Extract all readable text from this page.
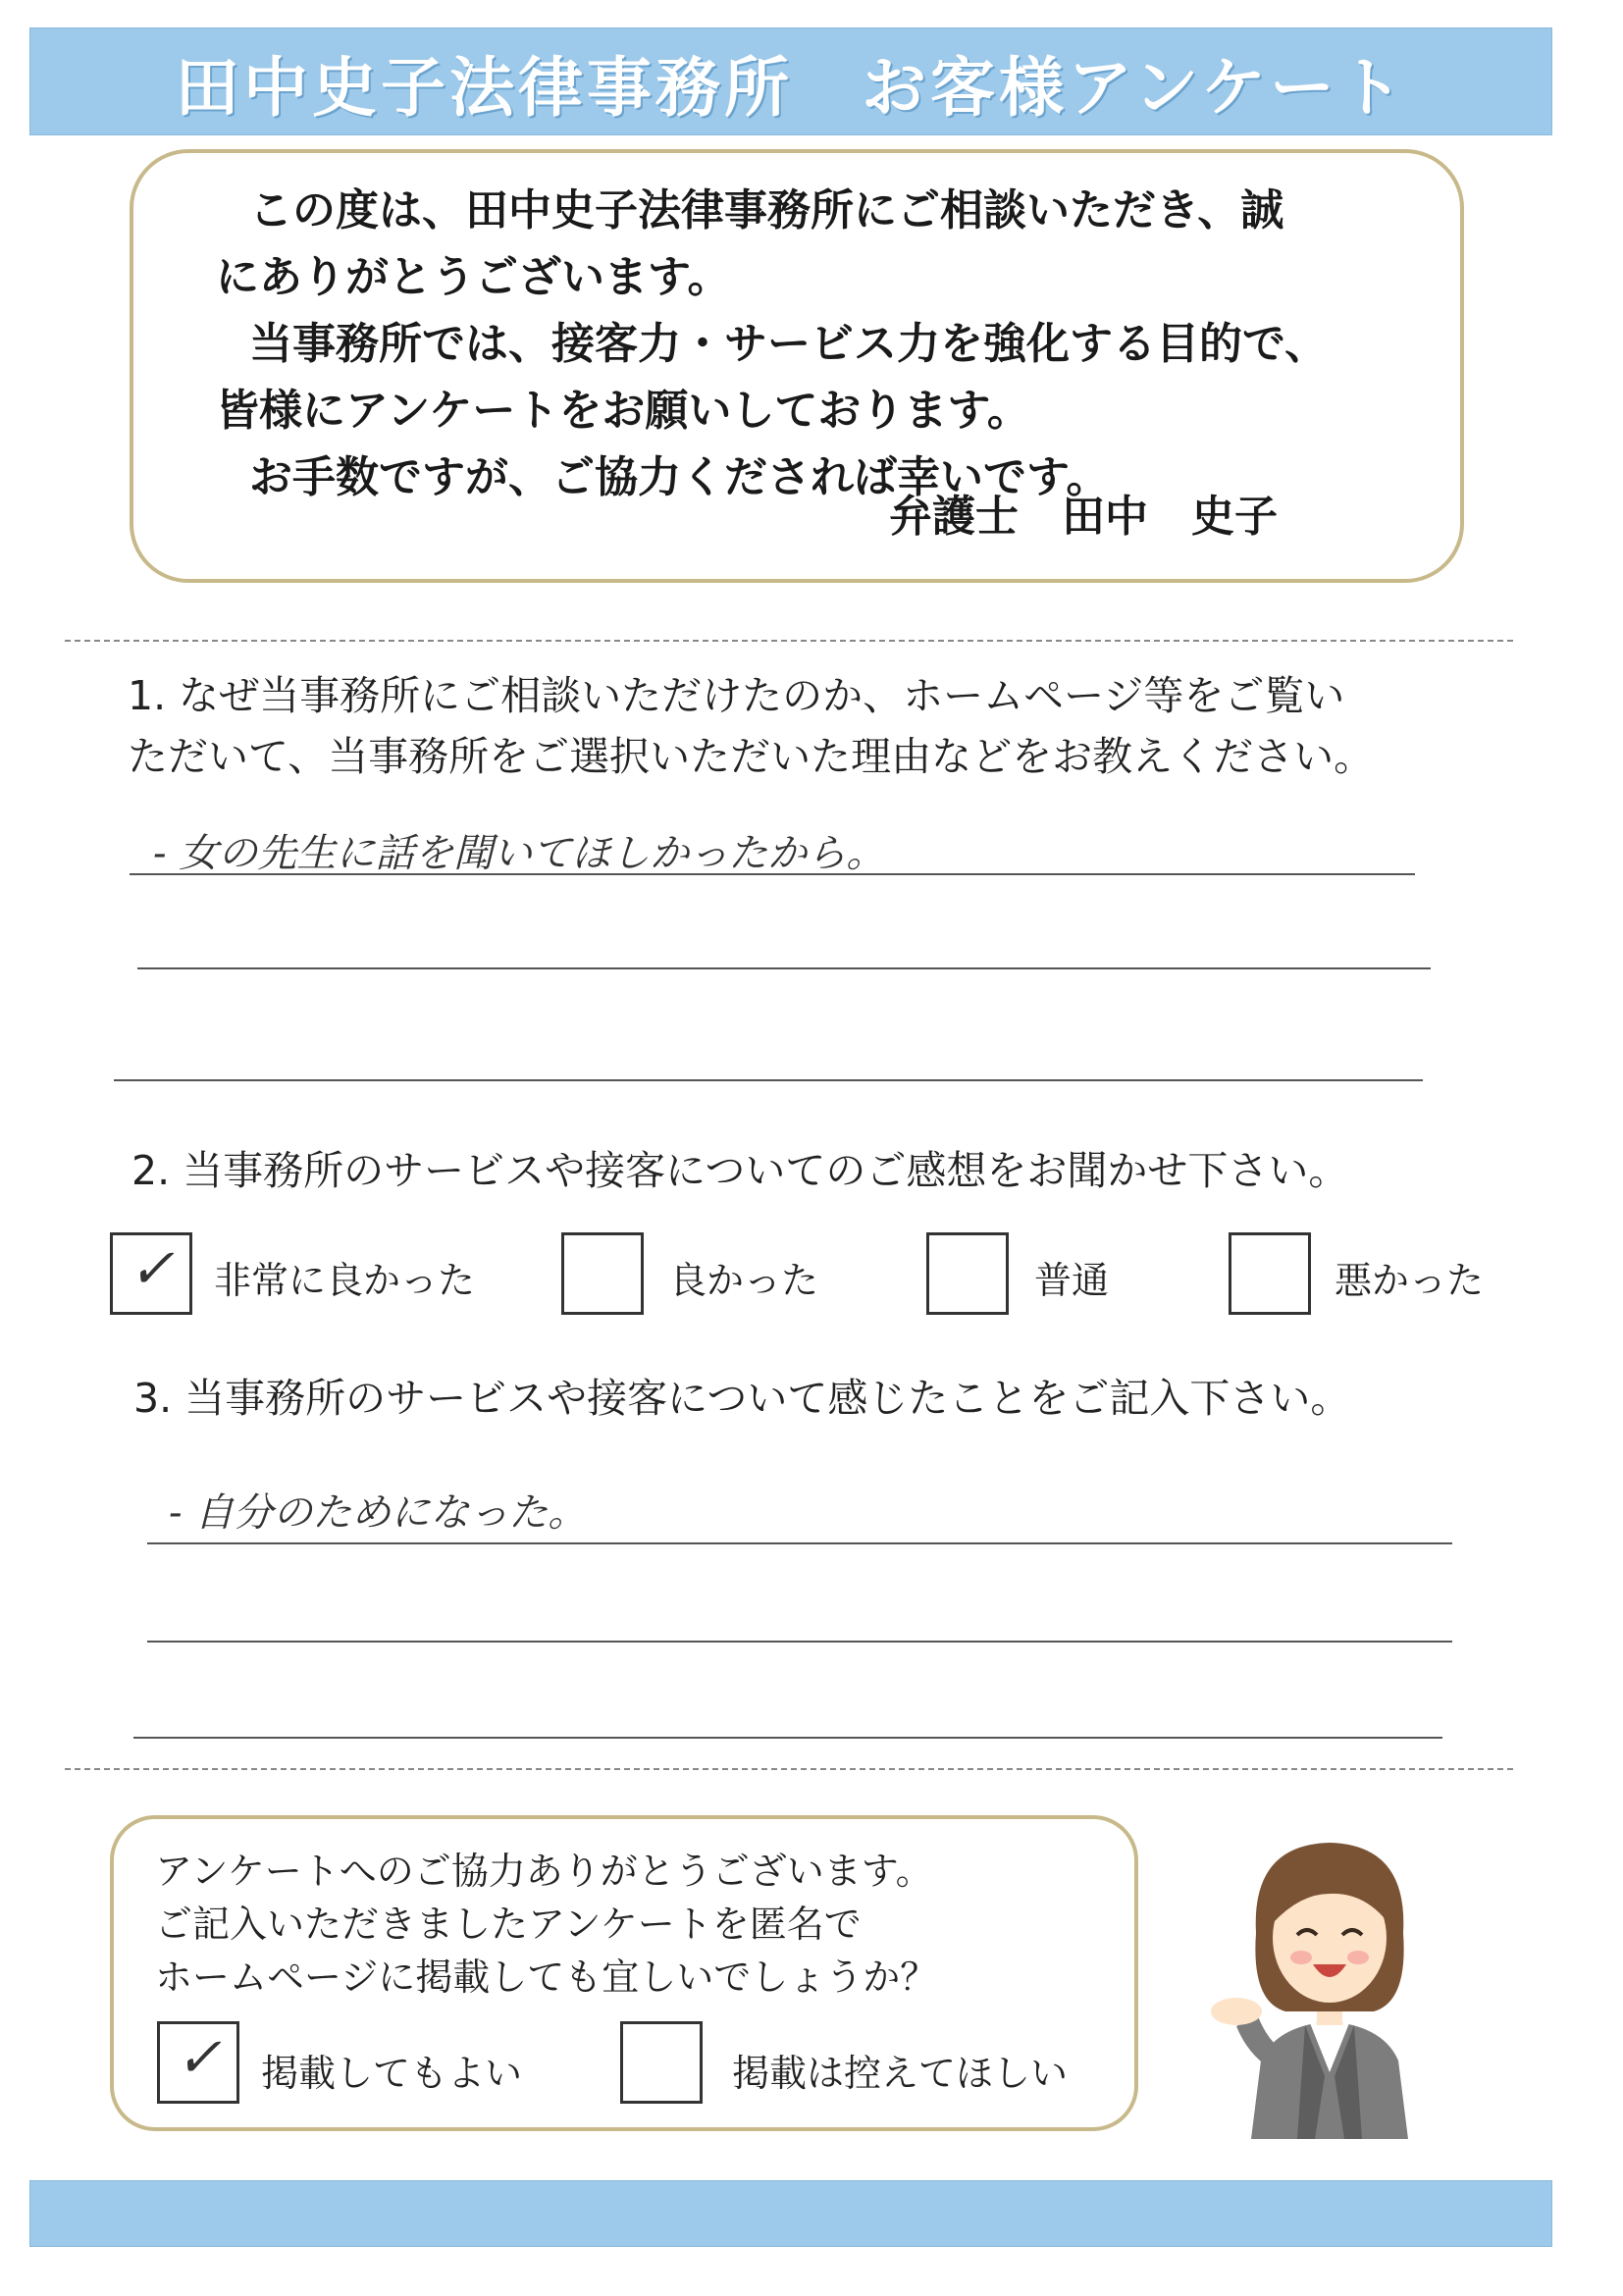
田中史子法律事務所 お客様アンケート
この度は、田中史子法律事務所にご相談いただき、誠
にありがとうございます。
当事務所では、接客力・サービス力を強化する目的で、
皆様にアンケートをお願いしております。
お手数ですが、ご協力くだされば幸いです。
弁護士　田中　史子
1. なぜ当事務所にご相談いただけたのか、ホームページ等をご覧い
ただいて、当事務所をご選択いただいた理由などをお教えください。
- 女の先生に話を聞いてほしかったから。
2. 当事務所のサービスや接客についてのご感想をお聞かせ下さい。
✓ 非常に良かった	良かった	普通	悪かった
3. 当事務所のサービスや接客について感じたことをご記入下さい。
- 自分のためになった。
アンケートへのご協力ありがとうございます。
ご記入いただきましたアンケートを匿名で
ホームページに掲載しても宜しいでしょうか？
✓ 掲載してもよい	掲載は控えてほしい
